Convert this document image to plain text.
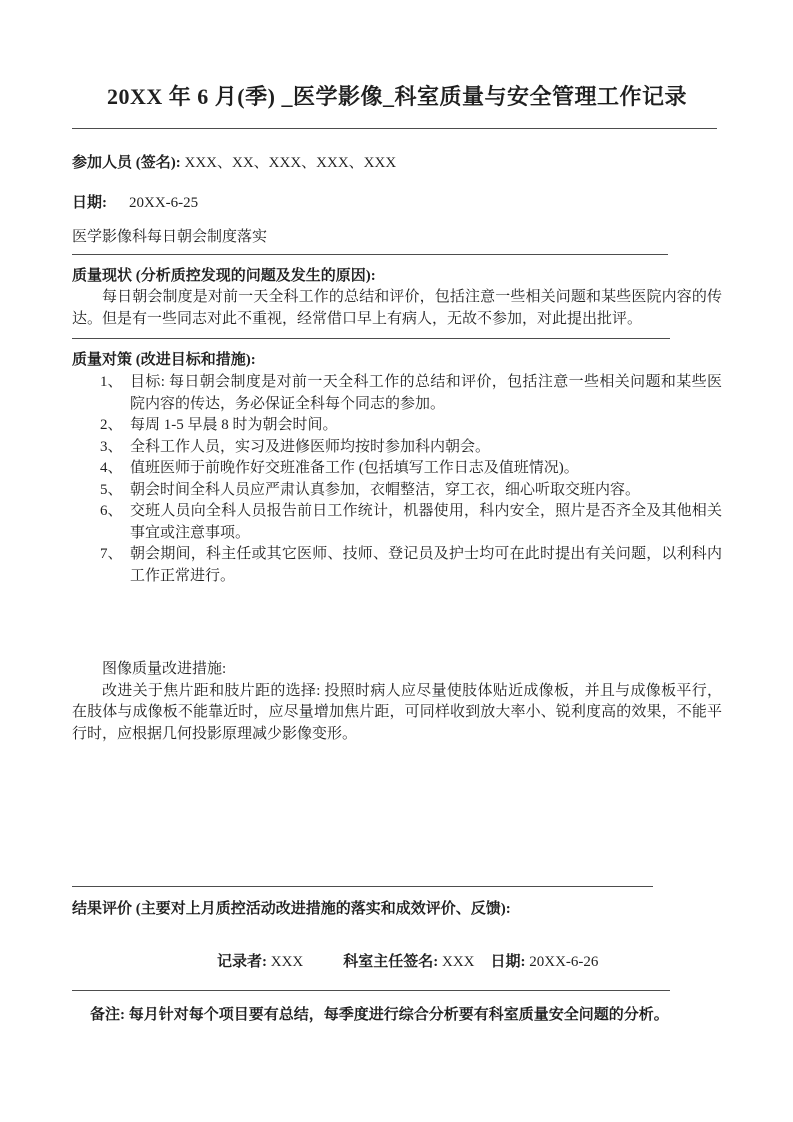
20XX 年 6 月(季) _医学影像_科室质量与安全管理工作记录
参加人员 (签名): XXX、XX、XXX、XXX、XXX
日期: 20XX-6-25
医学影像科每日朝会制度落实
质量现状 (分析质控发现的问题及发生的原因):

每日朝会制度是对前一天全科工作的总结和评价，包括注意一些相关问题和某些医院内容的传达。但是有一些同志对此不重视，经常借口早上有病人，无故不参加，对此提出批评。

质量对策 (改进目标和措施):
1、 目标: 每日朝会制度是对前一天全科工作的总结和评价，包括注意一些相关问题和某些医院内容的传达，务必保证全科每个同志的参加。
2、 每周 1-5 早晨 8 时为朝会时间。
3、 全科工作人员，实习及进修医师均按时参加科内朝会。
4、 值班医师于前晚作好交班准备工作 (包括填写工作日志及值班情况)。
5、 朝会时间全科人员应严肃认真参加，衣帽整洁，穿工衣，细心听取交班内容。
6、 交班人员向全科人员报告前日工作统计，机器使用，科内安全，照片是否齐全及其他相关事宜或注意事项。
7、 朝会期间，科主任或其它医师、技师、登记员及护士均可在此时提出有关问题，以利科内工作正常进行。
图像质量改进措施:

改进关于焦片距和肢片距的选择: 投照时病人应尽量使肢体贴近成像板，并且与成像板平行，在肢体与成像板不能靠近时，应尽量增加焦片距，可同样收到放大率小、锐利度高的效果，不能平行时，应根据几何投影原理减少影像变形。

结果评价 (主要对上月质控活动改进措施的落实和成效评价、反馈):
记录者: XXX	科室主任签名: XXX 日期: 20XX-6-26
备注: 每月针对每个项目要有总结，每季度进行综合分析要有科室质量安全问题的分析。
